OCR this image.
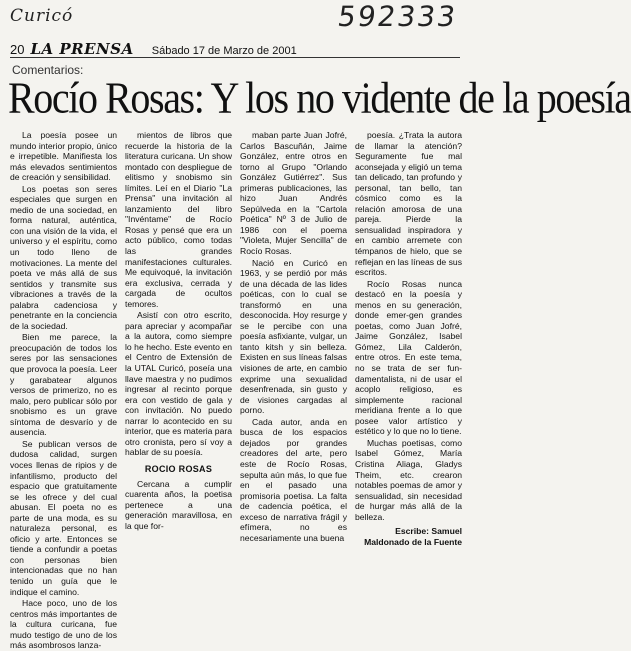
Curicó	592333
20 LA PRENSA Sábado 17 de Marzo de 2001
Comentarios:
Rocío Rosas: Y los no vidente de la poesía

La poesía posee un mundo interior propio, único e irrepetible. Manifiesta los más elevados sentimientos de creación y sensibilidad.

Los poetas son seres especiales que surgen en medio de una sociedad, en forma natural, auténtica, con una visión de la vida, el universo y el espíritu, como un todo lleno de motivaciones. La mente del poeta ve más allá de sus sentidos y transmite sus vibraciones a través de la palabra cadenciosa y penetrante en la conciencia de la sociedad.

Bien me parece, la preocupación de todos los seres por las sensaciones que provoca la poesía. Leer y garabatear algunos versos de primerizo, no es malo, pero publicar sólo por snobismo es un grave síntoma de desvarío y de ausencia.

Se publican versos de dudosa calidad, surgen voces llenas de ripios y de infantilismo, producto del espacio que gratuitamente se les ofrece y del cual abusan. El poeta no es parte de una moda, es su naturaleza personal, es oficio y arte. Entonces se tiende a confundir a poetas con personas bien intencionadas que no han tenido un guía que le indique el camino.

Hace poco, uno de los centros más importantes de la cultura curicana, fue mudo testigo de uno de los más asombrosos lanza-

mientos de libros que recuerde la historia de la literatura curicana. Un show montado con despliegue de elitismo y snobismo sin límites. Leí en el Diario "La Prensa" una invitación al lanzamiento del libro "Invéntame" de Rocío Rosas y pensé que era un acto público, como todas las grandes manifestaciones culturales. Me equivoqué, la invitación era exclusiva, cerrada y cargada de ocultos temores.

Asistí con otro escrito, para apreciar y acompañar a la autora, como siempre lo he hecho. Este evento en el Centro de Extensión de la UTAL Curicó, poseía una llave maestra y no pudimos ingresar al recinto porque era con vestido de gala y con invitación. No puedo narrar lo acontecido en su interior, que es materia para otro cronista, pero sí voy a hablar de su poesía.

ROCIO ROSAS

Cercana a cumplir cuarenta años, la poetisa pertenece a una generación maravillosa, en la que for-

maban parte Juan Jofré, Carlos Bascuñán, Jaime González, entre otros en torno al Grupo "Orlando González Gutiérrez". Sus primeras publicaciones, las hizo Juan Andrés Sepúlveda en la "Cartola Poética" Nº 3 de Julio de 1986 con el poema "Violeta, Mujer Sencilla" de Rocío Rosas.

Nació en Curicó en 1963, y se perdió por más de una década de las lides poéticas, con lo cual se transformó en una desconocida. Hoy resurge y se le percibe con una poesía asfixiante, vulgar, un tanto kitsh y sin belleza. Existen en sus líneas falsas visiones de arte, en cambio exprime una sexualidad desenfrenada, sin gusto y de visiones cargadas al porno.

Cada autor, anda en busca de los espacios dejados por grandes creadores del arte, pero este de Rocío Rosas, sepulta aún más, lo que fue en el pasado una promisoria poetisa. La falta de cadencia poética, el exceso de narrativa frágil y efímera, no es necesariamente una buena

poesía. ¿Trata la autora de llamar la atención? Seguramente fue mal aconsejada y eligió un tema tan delicado, tan profundo y personal, tan bello, tan cósmico como es la relación amorosa de una pareja. Pierde la sensualidad inspiradora y en cambio arremete con témpanos de hielo, que se reflejan en las líneas de sus escritos.

Rocío Rosas nunca destacó en la poesía y menos en su generación, donde emer-gen grandes poetas, como Juan Jofré, Jaime González, Isabel Gómez, Lila Calderón, entre otros. En este tema, no se trata de ser fun-damentalista, ni de usar el acoplo religioso, es simplemente racional meridiana frente a lo que posee valor artístico y estético y lo que no lo tiene.

Muchas poetisas, como Isabel Gómez, María Cristina Aliaga, Gladys Theim, etc. crearon notables poemas de amor y sensualidad, sin necesidad de hurgar más allá de la belleza.

Escribe: Samuel Maldonado de la Fuente
